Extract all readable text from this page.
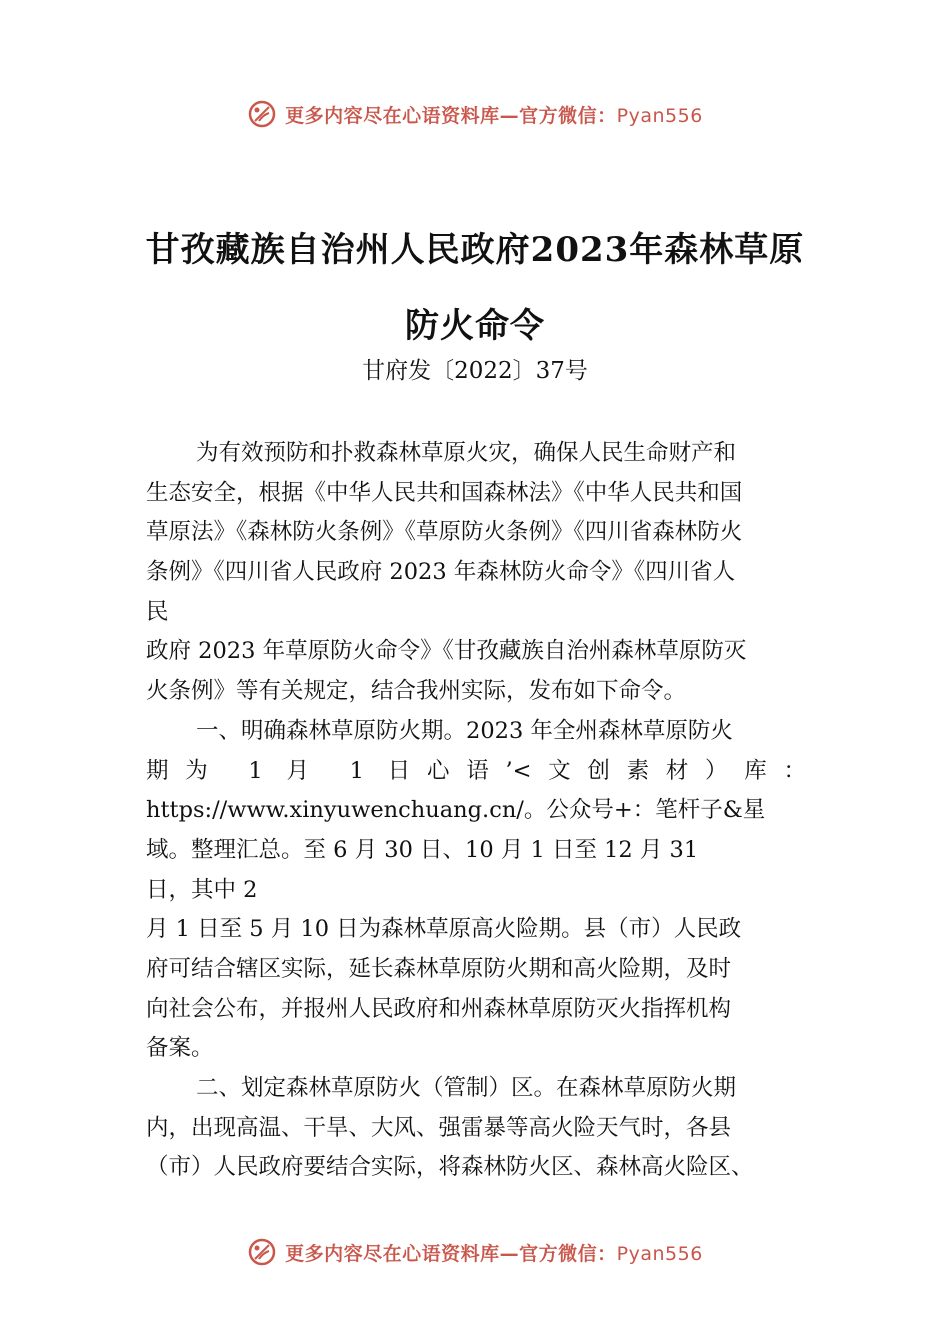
更多内容尽在心语资料库—官方微信：Pyan556
甘孜藏族自治州人民政府2023年森林草原
防火命令
甘府发〔2022〕37号
为有效预防和扑救森林草原火灾，确保人民生命财产和
生态安全，根据《中华人民共和国森林法》《中华人民共和国
草原法》《森林防火条例》《草原防火条例》《四川省森林防火
条例》《四川省人民政府 2023 年森林防火命令》《四川省人
民
政府 2023 年草原防火命令》《甘孜藏族自治州森林草原防灭
火条例》等有关规定，结合我州实际，发布如下命令。
一、明确森林草原防火期。2023 年全州森林草原防火
期为 1 月 1 日心语’<文创素材）库：
https://www.xinyuwenchuang.cn/。公众号+：笔杆子&星
域。整理汇总。至 6 月 30 日、10 月 1 日至 12 月 31
日，其中 2
月 1 日至 5 月 10 日为森林草原高火险期。县（市）人民政
府可结合辖区实际，延长森林草原防火期和高火险期，及时
向社会公布，并报州人民政府和州森林草原防灭火指挥机构
备案。
二、划定森林草原防火（管制）区。在森林草原防火期
内，出现高温、干旱、大风、强雷暴等高火险天气时，各县
（市）人民政府要结合实际，将森林防火区、森林高火险区、
更多内容尽在心语资料库—官方微信：Pyan556
